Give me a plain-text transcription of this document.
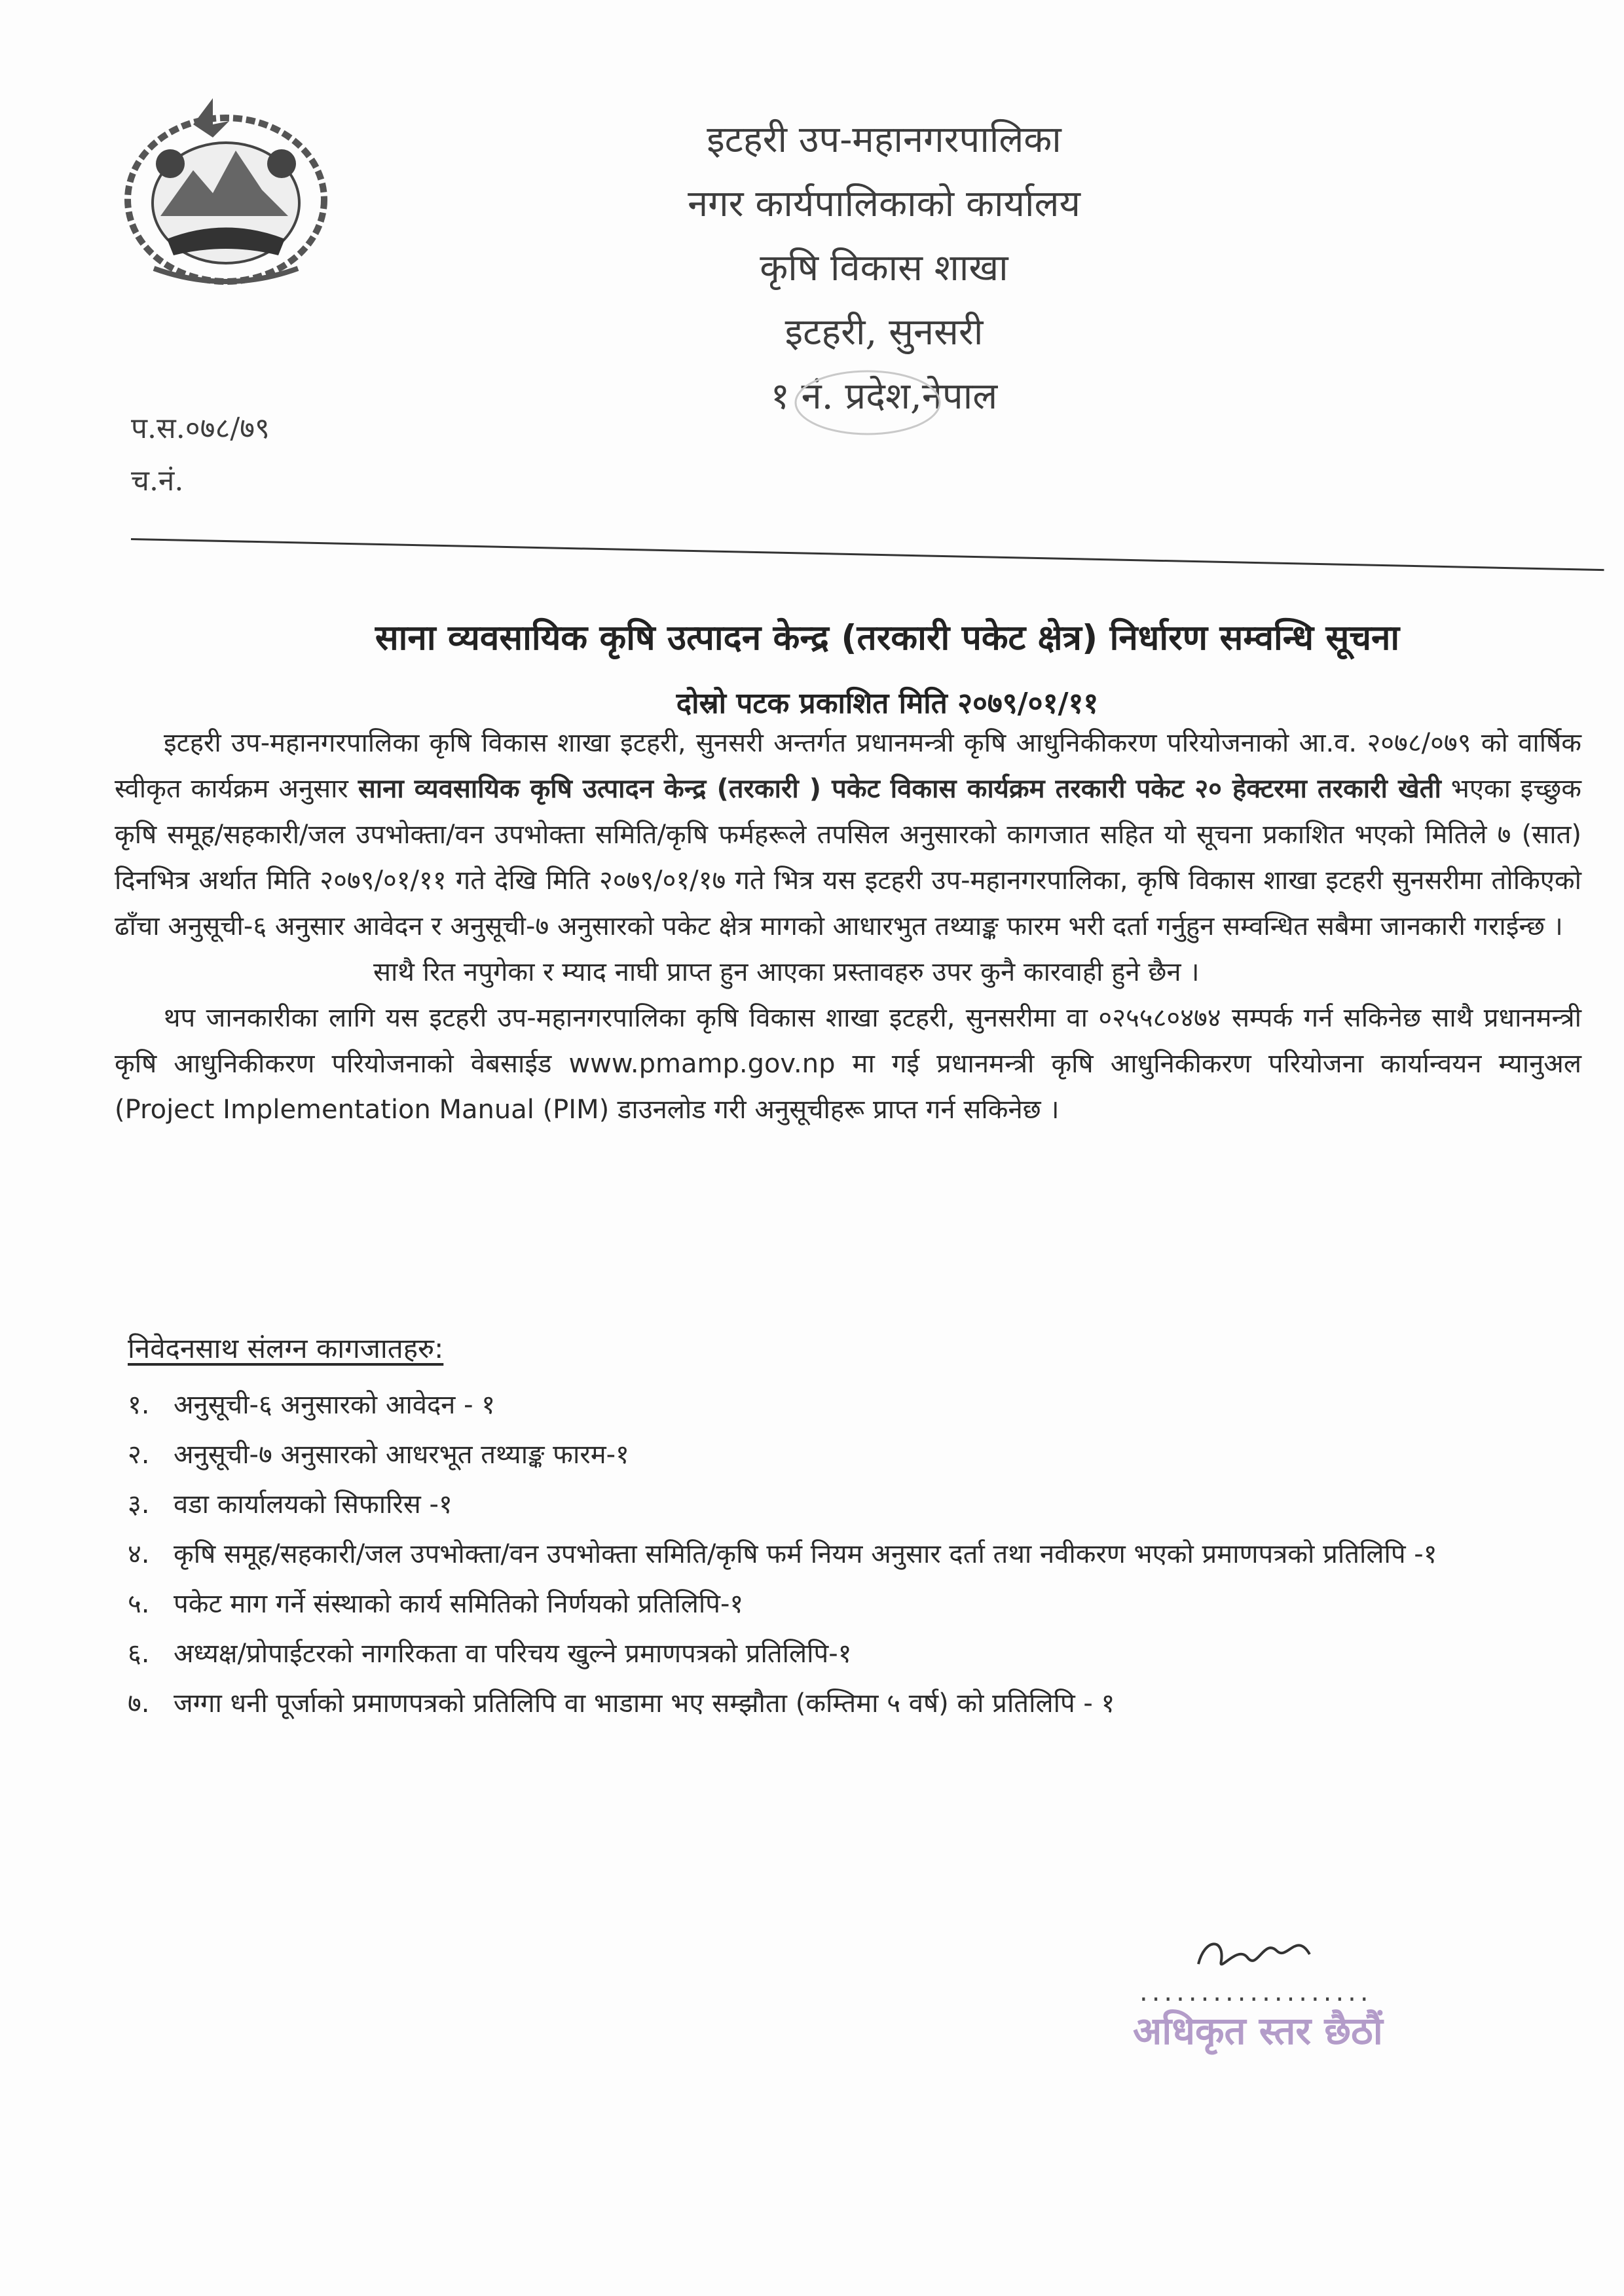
इटहरी उप-महानगरपालिका
नगर कार्यपालिकाको कार्यालय
कृषि विकास शाखा
इटहरी, सुनसरी
१ नं. प्रदेश,नेपाल
प.स.०७८/७९
च.नं.
साना व्यवसायिक कृषि उत्पादन केन्द्र (तरकारी पकेट क्षेत्र) निर्धारण सम्वन्धि सूचना
दोस्रो पटक प्रकाशित मिति २०७९/०१/११

इटहरी उप-महानगरपालिका कृषि विकास शाखा इटहरी, सुनसरी अन्तर्गत प्रधानमन्त्री कृषि आधुनिकीकरण परियोजनाको आ.व. २०७८/०७९ को वार्षिक स्वीकृत कार्यक्रम अनुसार साना व्यवसायिक कृषि उत्पादन केन्द्र (तरकारी ) पकेट विकास कार्यक्रम तरकारी पकेट २० हेक्टरमा तरकारी खेती भएका इच्छुक कृषि समूह/सहकारी/जल उपभोक्ता/वन उपभोक्ता समिति/कृषि फर्महरूले तपसिल अनुसारको कागजात सहित यो सूचना प्रकाशित भएको मितिले ७ (सात) दिनभित्र अर्थात मिति २०७९/०१/११ गते देखि मिति २०७९/०१/१७ गते भित्र यस इटहरी उप-महानगरपालिका, कृषि विकास शाखा इटहरी सुनसरीमा तोकिएको ढाँचा अनुसूची-६ अनुसार आवेदन र अनुसूची-७ अनुसारको पकेट क्षेत्र मागको आधारभुत तथ्याङ्क फारम भरी दर्ता गर्नुहुन सम्वन्धित सबैमा जानकारी गराईन्छ ।

साथै रित नपुगेका र म्याद नाघी प्राप्त हुन आएका प्रस्तावहरु उपर कुनै कारवाही हुने छैन ।

थप जानकारीका लागि यस इटहरी उप-महानगरपालिका कृषि विकास शाखा इटहरी, सुनसरीमा वा ०२५५८०४७४ सम्पर्क गर्न सकिनेछ साथै प्रधानमन्त्री कृषि आधुनिकीकरण परियोजनाको वेबसाईड www.pmamp.gov.np मा गई प्रधानमन्त्री कृषि आधुनिकीकरण परियोजना कार्यान्वयन म्यानुअल (Project Implementation Manual (PIM) डाउनलोड गरी अनुसूचीहरू प्राप्त गर्न सकिनेछ ।

निवेदनसाथ संलग्न कागजातहरु:
१. अनुसूची-६ अनुसारको आवेदन - १
२. अनुसूची-७ अनुसारको आधरभूत तथ्याङ्क फारम-१
३. वडा कार्यालयको सिफारिस -१
४. कृषि समूह/सहकारी/जल उपभोक्ता/वन उपभोक्ता समिति/कृषि फर्म नियम अनुसार दर्ता तथा नवीकरण भएको प्रमाणपत्रको प्रतिलिपि -१
५. पकेट माग गर्ने संस्थाको कार्य समितिको निर्णयको प्रतिलिपि-१
६. अध्यक्ष/प्रोपाईटरको नागरिकता वा परिचय खुल्ने प्रमाणपत्रको प्रतिलिपि-१
७. जग्गा धनी पूर्जाको प्रमाणपत्रको प्रतिलिपि वा भाडामा भए सम्झौता (कम्तिमा ५ वर्ष) को प्रतिलिपि - १
...................
अधिकृत स्तर छैठौं
